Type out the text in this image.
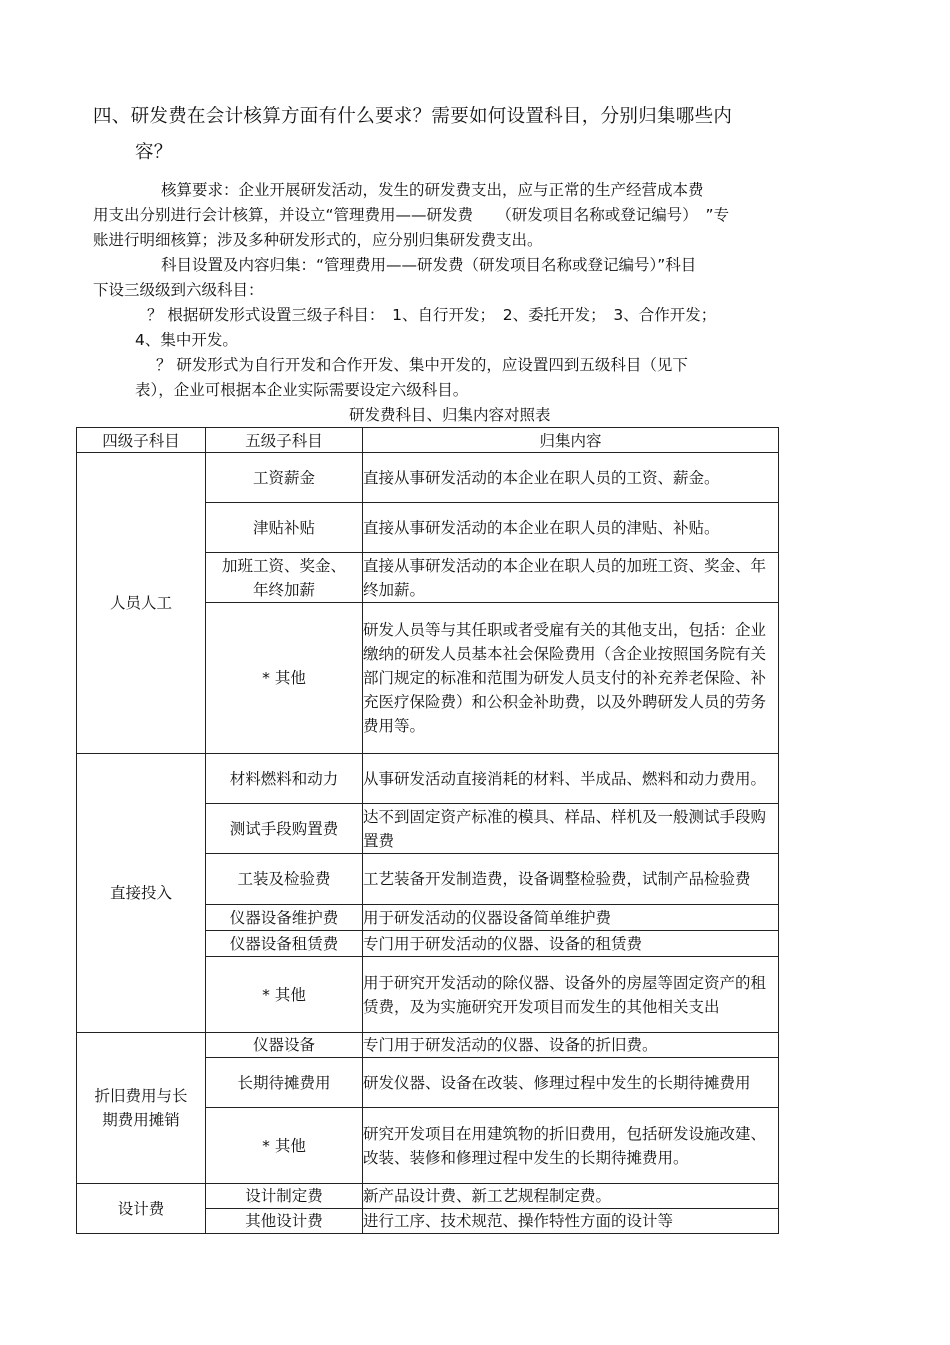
四、研发费在会计核算方面有什么要求？需要如何设置科目，分别归集哪些内
容？
核算要求：企业开展研发活动，发生的研发费支出，应与正常的生产经营成本费
用支出分别进行会计核算，并设立“管理费用——研发费　　（研发项目名称或登记编号）　”专
账进行明细核算；涉及多种研发形式的，应分别归集研发费支出。
科目设置及内容归集：“管理费用——研发费（研发项目名称或登记编号）”科目
下设三级级到六级科目：
？ 根据研发形式设置三级子科目：　1、自行开发；　2、委托开发；　3、合作开发；
4、集中开发。
？ 研发形式为自行开发和合作开发、集中开发的，应设置四到五级科目（见下
表），企业可根据本企业实际需要设定六级科目。
研发费科目、归集内容对照表
四级子科目	五级子科目	归集内容
人员人工	工资薪金	直接从事研发活动的本企业在职人员的工资、薪金。
	津贴补贴	直接从事研发活动的本企业在职人员的津贴、补贴。
	加班工资、奖金、年终加薪	直接从事研发活动的本企业在职人员的加班工资、奖金、年终加薪。
	* 其他	研发人员等与其任职或者受雇有关的其他支出，包括：企业缴纳的研发人员基本社会保险费用（含企业按照国务院有关部门规定的标准和范围为研发人员支付的补充养老保险、补充医疗保险费）和公积金补助费，以及外聘研发人员的劳务费用等。
直接投入	材料燃料和动力	从事研发活动直接消耗的材料、半成品、燃料和动力费用。
	测试手段购置费	达不到固定资产标准的模具、样品、样机及一般测试手段购置费
	工装及检验费	工艺装备开发制造费，设备调整检验费，试制产品检验费
	仪器设备维护费	用于研发活动的仪器设备简单维护费
	仪器设备租赁费	专门用于研发活动的仪器、设备的租赁费
	* 其他	用于研究开发活动的除仪器、设备外的房屋等固定资产的租赁费，及为实施研究开发项目而发生的其他相关支出
折旧费用与长期费用摊销	仪器设备	专门用于研发活动的仪器、设备的折旧费。
	长期待摊费用	研发仪器、设备在改装、修理过程中发生的长期待摊费用
	* 其他	研究开发项目在用建筑物的折旧费用，包括研发设施改建、改装、装修和修理过程中发生的长期待摊费用。
设计费	设计制定费	新产品设计费、新工艺规程制定费。
	其他设计费	进行工序、技术规范、操作特性方面的设计等
